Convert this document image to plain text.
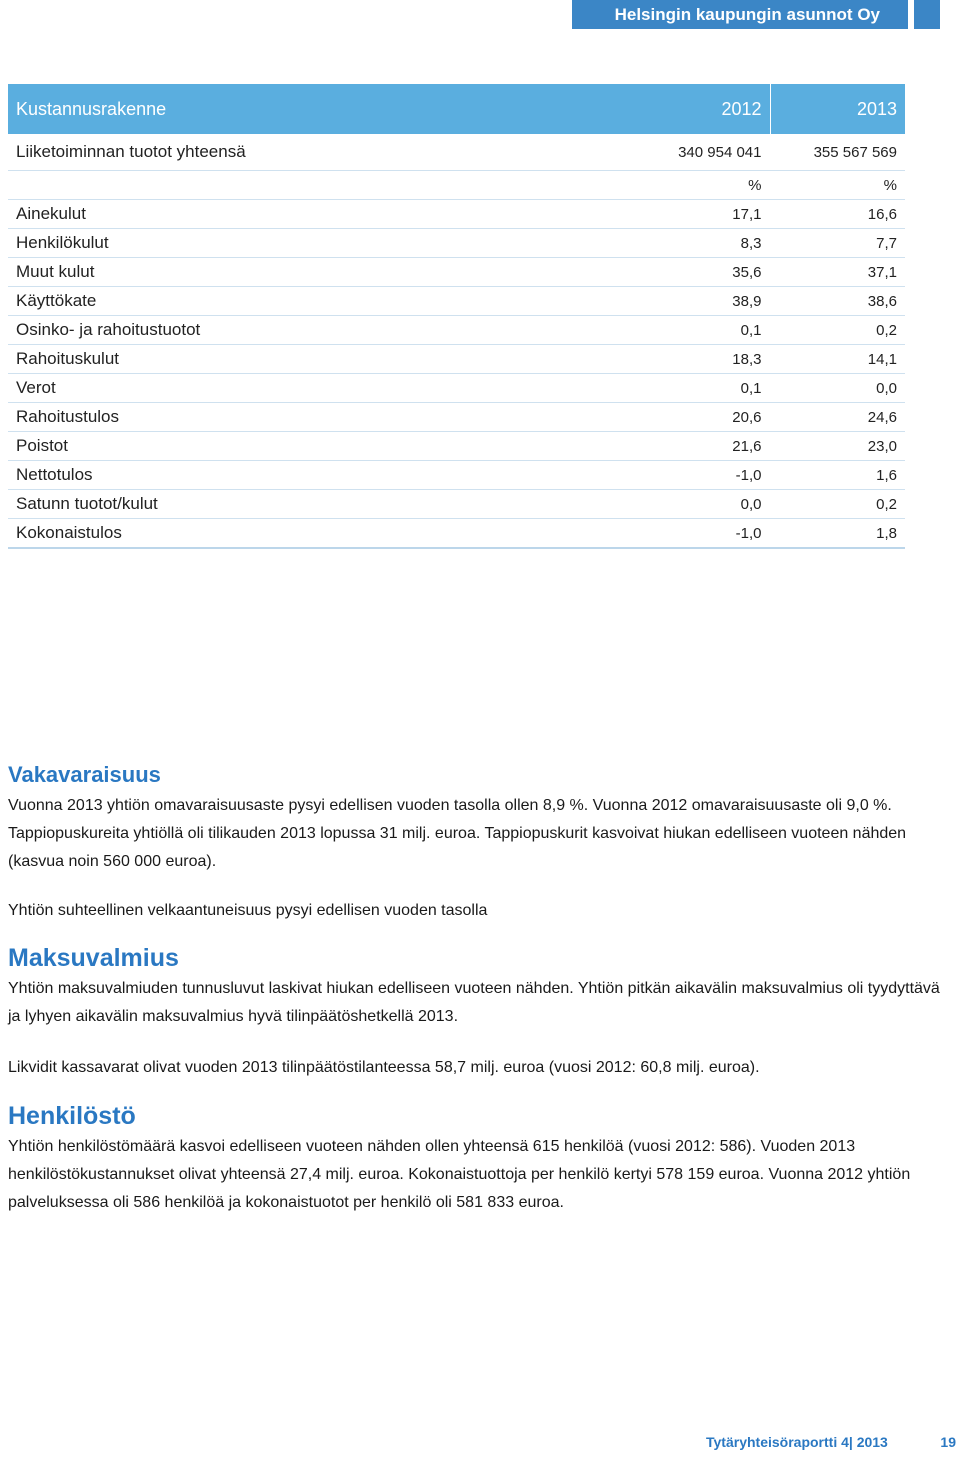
Helsingin kaupungin asunnot Oy
Kustannusrakenne	2012	2013
Liiketoiminnan tuotot yhteensä	340 954 041	355 567 569
	%	%
Ainekulut	17,1	16,6
Henkilökulut	8,3	7,7
Muut kulut	35,6	37,1
Käyttökate	38,9	38,6
Osinko- ja rahoitustuotot	0,1	0,2
Rahoituskulut	18,3	14,1
Verot	0,1	0,0
Rahoitustulos	20,6	24,6
Poistot	21,6	23,0
Nettotulos	-1,0	1,6
Satunn tuotot/kulut	0,0	0,2
Kokonaistulos	-1,0	1,8
Vakavaraisuus

Vuonna 2013 yhtiön omavaraisuusaste pysyi edellisen vuoden tasolla ollen 8,9 %. Vuonna 2012 omavaraisuusaste oli 9,0 %. Tappiopuskureita yhtiöllä oli tilikauden 2013 lopussa 31 milj. euroa. Tappiopuskurit kasvoivat hiukan edelliseen vuoteen nähden (kasvua noin 560 000 euroa).

Yhtiön suhteellinen velkaantuneisuus pysyi edellisen vuoden tasolla

Maksuvalmius

Yhtiön maksuvalmiuden tunnusluvut laskivat hiukan edelliseen vuoteen nähden. Yhtiön pitkän aikavälin maksuvalmius oli tyydyttävä ja lyhyen aikavälin maksuvalmius hyvä tilinpäätöshetkellä 2013.

Likvidit kassavarat olivat vuoden 2013 tilinpäätöstilanteessa 58,7 milj. euroa (vuosi 2012: 60,8 milj. euroa).

Henkilöstö

Yhtiön henkilöstömäärä kasvoi edelliseen vuoteen nähden ollen yhteensä 615 henkilöä (vuosi 2012: 586). Vuoden 2013 henkilöstökustannukset olivat yhteensä 27,4 milj. euroa. Kokonaistuottoja per henkilö kertyi 578 159 euroa. Vuonna 2012 yhtiön palveluksessa oli 586 henkilöä ja kokonaistuotot per henkilö oli 581 833 euroa.

Tytäryhteisöraportti 4| 2013	19
